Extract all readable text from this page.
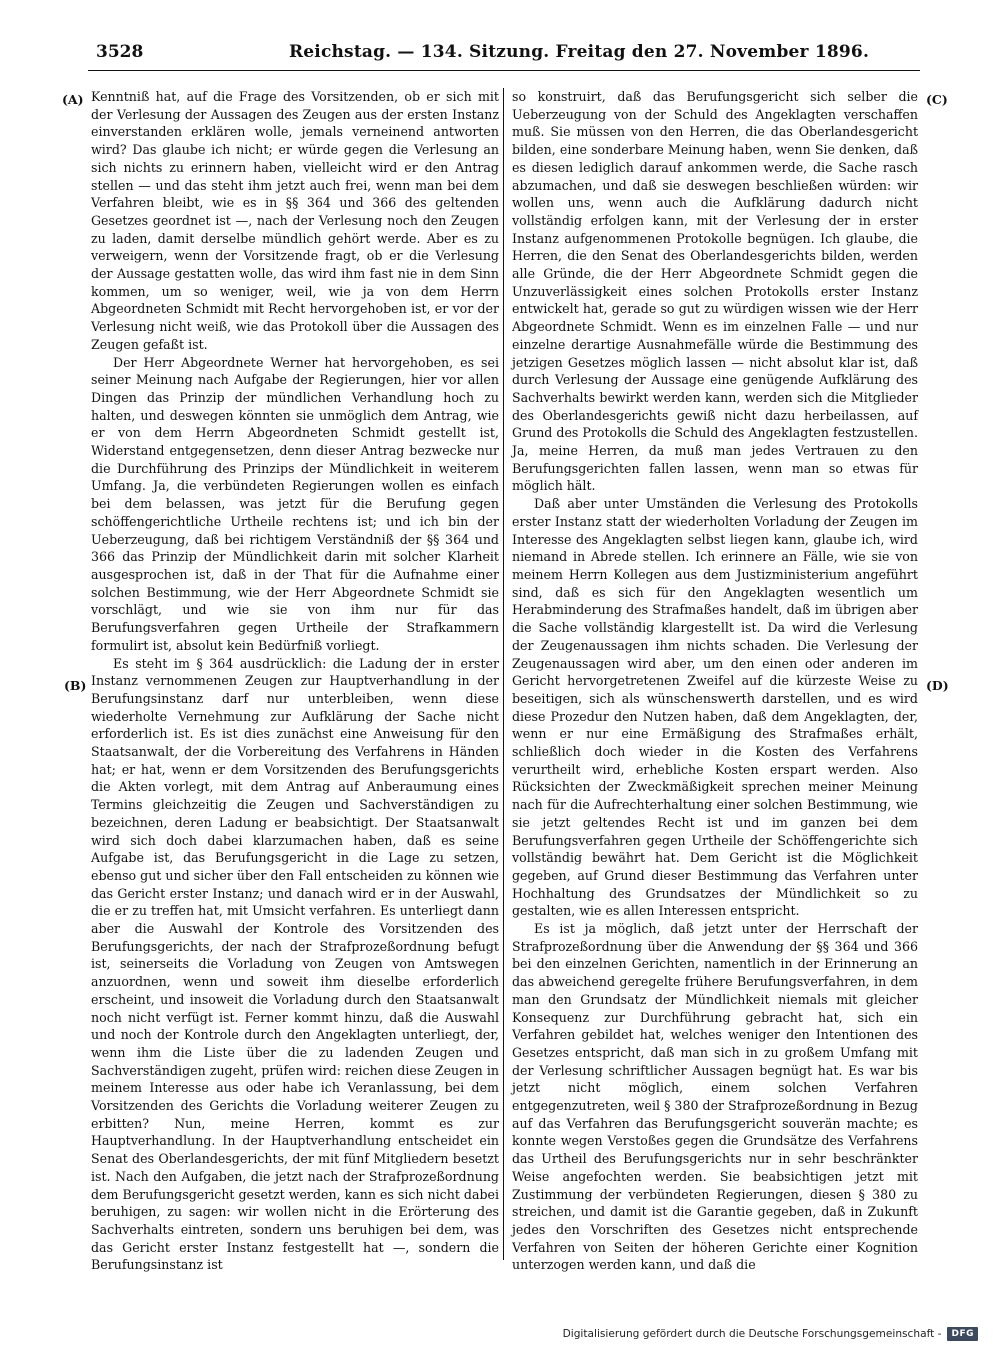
3528	Reichstag. — 134. Sitzung. Freitag den 27. November 1896.
(A)
(B)
(C)
(D)

Kenntniß hat, auf die Frage des Vorsitzenden, ob er sich mit der Verlesung der Aussagen des Zeugen aus der ersten Instanz einverstanden erklären wolle, jemals verneinend antworten wird? Das glaube ich nicht; er würde gegen die Verlesung an sich nichts zu erinnern haben, vielleicht wird er den Antrag stellen — und das steht ihm jetzt auch frei, wenn man bei dem Verfahren bleibt, wie es in §§ 364 und 366 des geltenden Gesetzes geordnet ist —, nach der Verlesung noch den Zeugen zu laden, damit derselbe mündlich gehört werde. Aber es zu verweigern, wenn der Vorsitzende fragt, ob er die Verlesung der Aussage gestatten wolle, das wird ihm fast nie in dem Sinn kommen, um so weniger, weil, wie ja von dem Herrn Abgeordneten Schmidt mit Recht hervorgehoben ist, er vor der Verlesung nicht weiß, wie das Protokoll über die Aussagen des Zeugen gefaßt ist.

Der Herr Abgeordnete Werner hat hervorgehoben, es sei seiner Meinung nach Aufgabe der Regierungen, hier vor allen Dingen das Prinzip der mündlichen Verhandlung hoch zu halten, und deswegen könnten sie unmöglich dem Antrag, wie er von dem Herrn Abgeordneten Schmidt gestellt ist, Widerstand entgegensetzen, denn dieser Antrag bezwecke nur die Durchführung des Prinzips der Mündlichkeit in weiterem Umfang. Ja, die verbündeten Regierungen wollen es einfach bei dem belassen, was jetzt für die Berufung gegen schöffengerichtliche Urtheile rechtens ist; und ich bin der Ueberzeugung, daß bei richtigem Verständniß der §§ 364 und 366 das Prinzip der Mündlichkeit darin mit solcher Klarheit ausgesprochen ist, daß in der That für die Aufnahme einer solchen Bestimmung, wie der Herr Abgeordnete Schmidt sie vorschlägt, und wie sie von ihm nur für das Berufungsverfahren gegen Urtheile der Strafkammern formulirt ist, absolut kein Bedürfniß vorliegt.

Es steht im § 364 ausdrücklich: die Ladung der in erster Instanz vernommenen Zeugen zur Hauptverhandlung in der Berufungsinstanz darf nur unterbleiben, wenn diese wiederholte Vernehmung zur Aufklärung der Sache nicht erforderlich ist. Es ist dies zunächst eine Anweisung für den Staatsanwalt, der die Vorbereitung des Verfahrens in Händen hat; er hat, wenn er dem Vorsitzenden des Berufungsgerichts die Akten vorlegt, mit dem Antrag auf Anberaumung eines Termins gleichzeitig die Zeugen und Sachverständigen zu bezeichnen, deren Ladung er beabsichtigt. Der Staatsanwalt wird sich doch dabei klarzumachen haben, daß es seine Aufgabe ist, das Berufungsgericht in die Lage zu setzen, ebenso gut und sicher über den Fall entscheiden zu können wie das Gericht erster Instanz; und danach wird er in der Auswahl, die er zu treffen hat, mit Umsicht verfahren. Es unterliegt dann aber die Auswahl der Kontrole des Vorsitzenden des Berufungsgerichts, der nach der Strafprozeßordnung befugt ist, seinerseits die Vorladung von Zeugen von Amtswegen anzuordnen, wenn und soweit ihm dieselbe erforderlich erscheint, und insoweit die Vorladung durch den Staatsanwalt noch nicht verfügt ist. Ferner kommt hinzu, daß die Auswahl und noch der Kontrole durch den Angeklagten unterliegt, der, wenn ihm die Liste über die zu ladenden Zeugen und Sachverständigen zugeht, prüfen wird: reichen diese Zeugen in meinem Interesse aus oder habe ich Veranlassung, bei dem Vorsitzenden des Gerichts die Vorladung weiterer Zeugen zu erbitten? Nun, meine Herren, kommt es zur Hauptverhandlung. In der Hauptverhandlung entscheidet ein Senat des Oberlandesgerichts, der mit fünf Mitgliedern besetzt ist. Nach den Aufgaben, die jetzt nach der Strafprozeßordnung dem Berufungsgericht gesetzt werden, kann es sich nicht dabei beruhigen, zu sagen: wir wollen nicht in die Erörterung des Sachverhalts eintreten, sondern uns beruhigen bei dem, was das Gericht erster Instanz festgestellt hat —, sondern die Berufungsinstanz ist

so konstruirt, daß das Berufungsgericht sich selber die Ueberzeugung von der Schuld des Angeklagten verschaffen muß. Sie müssen von den Herren, die das Oberlandesgericht bilden, eine sonderbare Meinung haben, wenn Sie denken, daß es diesen lediglich darauf ankommen werde, die Sache rasch abzumachen, und daß sie deswegen beschließen würden: wir wollen uns, wenn auch die Aufklärung dadurch nicht vollständig erfolgen kann, mit der Verlesung der in erster Instanz aufgenommenen Protokolle begnügen. Ich glaube, die Herren, die den Senat des Oberlandesgerichts bilden, werden alle Gründe, die der Herr Abgeordnete Schmidt gegen die Unzuverlässigkeit eines solchen Protokolls erster Instanz entwickelt hat, gerade so gut zu würdigen wissen wie der Herr Abgeordnete Schmidt. Wenn es im einzelnen Falle — und nur einzelne derartige Ausnahmefälle würde die Bestimmung des jetzigen Gesetzes möglich lassen — nicht absolut klar ist, daß durch Verlesung der Aussage eine genügende Aufklärung des Sachverhalts bewirkt werden kann, werden sich die Mitglieder des Oberlandesgerichts gewiß nicht dazu herbeilassen, auf Grund des Protokolls die Schuld des Angeklagten festzustellen. Ja, meine Herren, da muß man jedes Vertrauen zu den Berufungsgerichten fallen lassen, wenn man so etwas für möglich hält.

Daß aber unter Umständen die Verlesung des Protokolls erster Instanz statt der wiederholten Vorladung der Zeugen im Interesse des Angeklagten selbst liegen kann, glaube ich, wird niemand in Abrede stellen. Ich erinnere an Fälle, wie sie von meinem Herrn Kollegen aus dem Justizministerium angeführt sind, daß es sich für den Angeklagten wesentlich um Herabminderung des Strafmaßes handelt, daß im übrigen aber die Sache vollständig klargestellt ist. Da wird die Verlesung der Zeugenaussagen ihm nichts schaden. Die Verlesung der Zeugenaussagen wird aber, um den einen oder anderen im Gericht hervorgetretenen Zweifel auf die kürzeste Weise zu beseitigen, sich als wünschenswerth darstellen, und es wird diese Prozedur den Nutzen haben, daß dem Angeklagten, der, wenn er nur eine Ermäßigung des Strafmaßes erhält, schließlich doch wieder in die Kosten des Verfahrens verurtheilt wird, erhebliche Kosten erspart werden. Also Rücksichten der Zweckmäßigkeit sprechen meiner Meinung nach für die Aufrechterhaltung einer solchen Bestimmung, wie sie jetzt geltendes Recht ist und im ganzen bei dem Berufungsverfahren gegen Urtheile der Schöffengerichte sich vollständig bewährt hat. Dem Gericht ist die Möglichkeit gegeben, auf Grund dieser Bestimmung das Verfahren unter Hochhaltung des Grundsatzes der Mündlichkeit so zu gestalten, wie es allen Interessen entspricht.

Es ist ja möglich, daß jetzt unter der Herrschaft der Strafprozeßordnung über die Anwendung der §§ 364 und 366 bei den einzelnen Gerichten, namentlich in der Erinnerung an das abweichend geregelte frühere Berufungsverfahren, in dem man den Grundsatz der Mündlichkeit niemals mit gleicher Konsequenz zur Durchführung gebracht hat, sich ein Verfahren gebildet hat, welches weniger den Intentionen des Gesetzes entspricht, daß man sich in zu großem Umfang mit der Verlesung schriftlicher Aussagen begnügt hat. Es war bis jetzt nicht möglich, einem solchen Verfahren entgegenzutreten, weil § 380 der Strafprozeßordnung in Bezug auf das Verfahren das Berufungsgericht souverän machte; es konnte wegen Verstoßes gegen die Grundsätze des Verfahrens das Urtheil des Berufungsgerichts nur in sehr beschränkter Weise angefochten werden. Sie beabsichtigen jetzt mit Zustimmung der verbündeten Regierungen, diesen § 380 zu streichen, und damit ist die Garantie gegeben, daß in Zukunft jedes den Vorschriften des Gesetzes nicht entsprechende Verfahren von Seiten der höheren Gerichte einer Kognition unterzogen werden kann, und daß die

Digitalisierung gefördert durch die Deutsche Forschungsgemeinschaft -	DFG
